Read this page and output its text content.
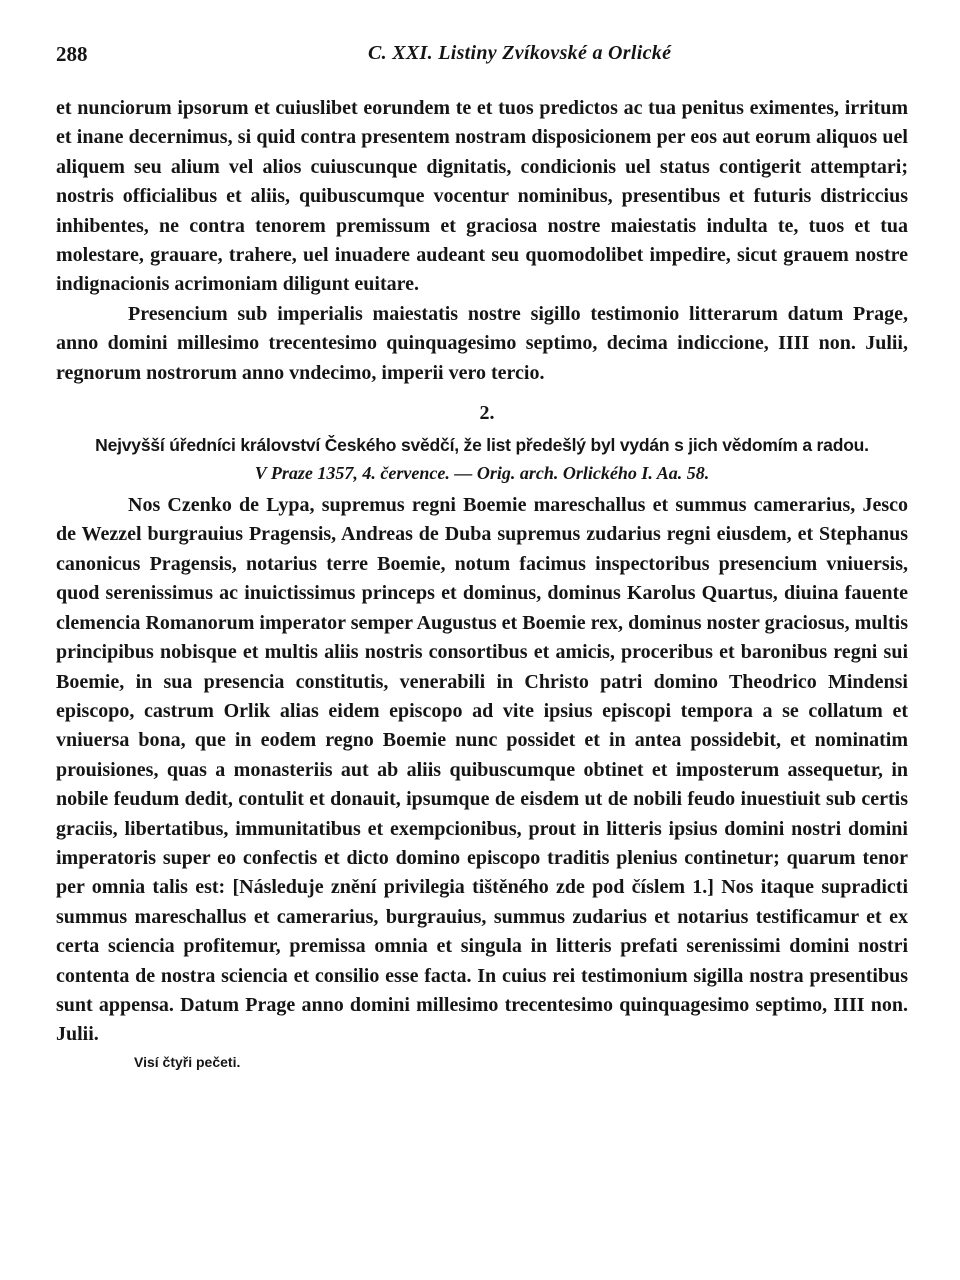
288	C. XXI. Listiny Zvíkovské a Orlické

et nunciorum ipsorum et cuiuslibet eorundem te et tuos predictos ac tua penitus eximentes, irritum et inane decernimus, si quid contra presentem nostram disposicionem per eos aut eorum aliquos uel aliquem seu alium vel alios cuiuscunque dignitatis, condicionis uel status contigerit attemptari; nostris officialibus et aliis, quibuscumque vocentur nominibus, presentibus et futuris districcius inhibentes, ne contra tenorem premissum et graciosa nostre maiestatis indulta te, tuos et tua molestare, grauare, trahere, uel inuadere audeant seu quomodolibet impedire, sicut grauem nostre indignacionis acrimoniam diligunt euitare.

Presencium sub imperialis maiestatis nostre sigillo testimonio litterarum datum Prage, anno domini millesimo trecentesimo quinquagesimo septimo, decima indiccione, IIII non. Julii, regnorum nostrorum anno vndecimo, imperii vero tercio.

2.

Nejvyšší úředníci království Českého svědčí, že list předešlý byl vydán s jich vědomím a radou.

V Praze 1357, 4. července. — Orig. arch. Orlického I. Aa. 58.

Nos Czenko de Lypa, supremus regni Boemie mareschallus et summus camerarius, Jesco de Wezzel burgrauius Pragensis, Andreas de Duba supremus zudarius regni eiusdem, et Stephanus canonicus Pragensis, notarius terre Boemie, notum facimus inspectoribus presencium vniuersis, quod serenissimus ac inuictissimus princeps et dominus, dominus Karolus Quartus, diuina fauente clemencia Romanorum imperator semper Augustus et Boemie rex, dominus noster graciosus, multis principibus nobisque et multis aliis nostris consortibus et amicis, proceribus et baronibus regni sui Boemie, in sua presencia constitutis, venerabili in Christo patri domino Theodrico Mindensi episcopo, castrum Orlik alias eidem episcopo ad vite ipsius episcopi tempora a se collatum et vniuersa bona, que in eodem regno Boemie nunc possidet et in antea possidebit, et nominatim prouisiones, quas a monasteriis aut ab aliis quibuscumque obtinet et imposterum assequetur, in nobile feudum dedit, contulit et donauit, ipsumque de eisdem ut de nobili feudo inuestiuit sub certis graciis, libertatibus, immunitatibus et exempcionibus, prout in litteris ipsius domini nostri domini imperatoris super eo confectis et dicto domino episcopo traditis plenius continetur; quarum tenor per omnia talis est: [Následuje znění privilegia tištěného zde pod číslem 1.] Nos itaque supradicti summus mareschallus et camerarius, burgrauius, summus zudarius et notarius testificamur et ex certa sciencia profitemur, premissa omnia et singula in litteris prefati serenissimi domini nostri contenta de nostra sciencia et consilio esse facta. In cuius rei testimonium sigilla nostra presentibus sunt appensa. Datum Prage anno domini millesimo trecentesimo quinquagesimo septimo, IIII non. Julii.

Visí čtyři pečeti.
